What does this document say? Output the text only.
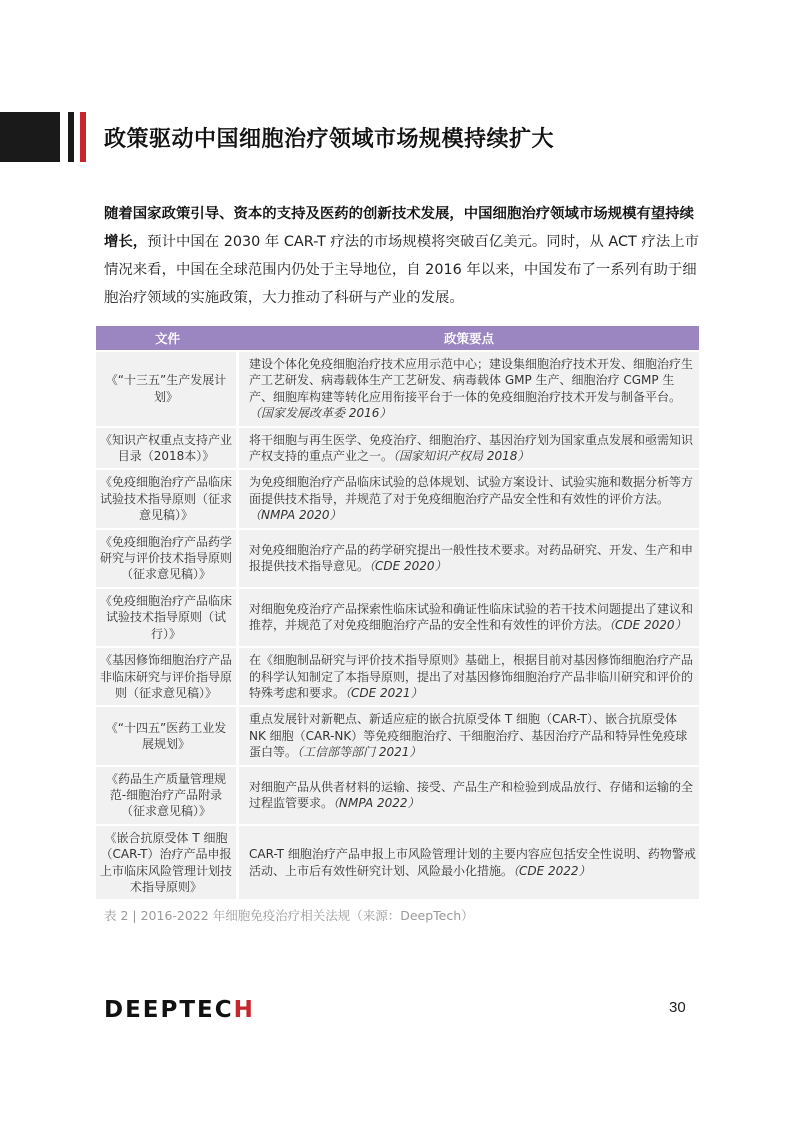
政策驱动中国细胞治疗领域市场规模持续扩大

随着国家政策引导、资本的支持及医药的创新技术发展，中国细胞治疗领域市场规模有望持续增长，预计中国在 2030 年 CAR-T 疗法的市场规模将突破百亿美元。同时，从 ACT 疗法上市情况来看，中国在全球范围内仍处于主导地位，自 2016 年以来，中国发布了一系列有助于细胞治疗领域的实施政策，大力推动了科研与产业的发展。

文件	政策要点
《“十三五”生产发展计划》	建设个体化免疫细胞治疗技术应用示范中心；建设集细胞治疗技术开发、细胞治疗生产工艺研发、病毒载体生产工艺研发、病毒载体 GMP 生产、细胞治疗 CGMP 生产、细胞库构建等转化应用衔接平台于一体的免疫细胞治疗技术开发与制备平台。（国家发展改革委 2016）
《知识产权重点支持产业目录（2018本）》	将干细胞与再生医学、免疫治疗、细胞治疗、基因治疗划为国家重点发展和亟需知识产权支持的重点产业之一。（国家知识产权局 2018）
《免疫细胞治疗产品临床试验技术指导原则（征求意见稿）》	为免疫细胞治疗产品临床试验的总体规划、试验方案设计、试验实施和数据分析等方面提供技术指导，并规范了对于免疫细胞治疗产品安全性和有效性的评价方法。（NMPA 2020）
《免疫细胞治疗产品药学研究与评价技术指导原则（征求意见稿）》	对免疫细胞治疗产品的药学研究提出一般性技术要求。对药品研究、开发、生产和申报提供技术指导意见。（CDE 2020）
《免疫细胞治疗产品临床试验技术指导原则（试行）》	对细胞免疫治疗产品探索性临床试验和确证性临床试验的若干技术问题提出了建议和推荐，并规范了对免疫细胞治疗产品的安全性和有效性的评价方法。（CDE 2020）
《基因修饰细胞治疗产品非临床研究与评价指导原则（征求意见稿）》	在《细胞制品研究与评价技术指导原则》基础上，根据目前对基因修饰细胞治疗产品的科学认知制定了本指导原则，提出了对基因修饰细胞治疗产品非临川研究和评价的特殊考虑和要求。（CDE 2021）
《“十四五”医药工业发展规划》	重点发展针对新靶点、新适应症的嵌合抗原受体 T 细胞（CAR-T）、嵌合抗原受体 NK 细胞（CAR-NK）等免疫细胞治疗、干细胞治疗、基因治疗产品和特异性免疫球蛋白等。（工信部等部门 2021）
《药品生产质量管理规范-细胞治疗产品附录（征求意见稿）》	对细胞产品从供者材料的运输、接受、产品生产和检验到成品放行、存储和运输的全过程监管要求。（NMPA 2022）
《嵌合抗原受体 T 细胞（CAR-T）治疗产品申报上市临床风险管理计划技术指导原则》	CAR-T 细胞治疗产品申报上市风险管理计划的主要内容应包括安全性说明、药物警戒活动、上市后有效性研究计划、风险最小化措施。（CDE 2022）

表 2 | 2016-2022 年细胞免疫治疗相关法规（来源：DeepTech）

DEEPTECH	30
